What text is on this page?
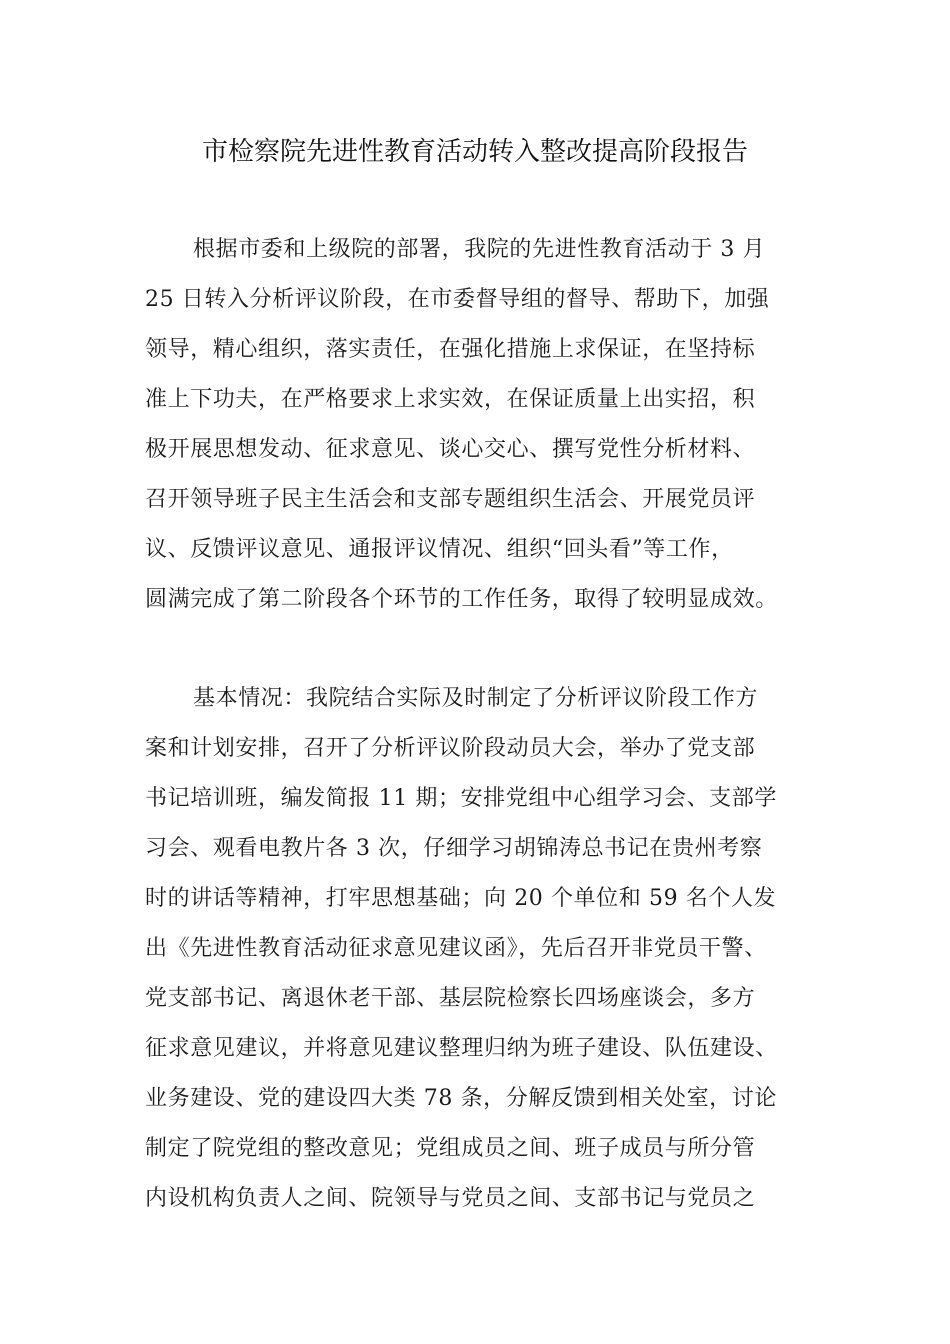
市检察院先进性教育活动转入整改提高阶段报告
根据市委和上级院的部署，我院的先进性教育活动于 3 月
25 日转入分析评议阶段，在市委督导组的督导、帮助下，加强
领导，精心组织，落实责任，在强化措施上求保证，在坚持标
准上下功夫，在严格要求上求实效，在保证质量上出实招，积
极开展思想发动、征求意见、谈心交心、撰写党性分析材料、
召开领导班子民主生活会和支部专题组织生活会、开展党员评
议、反馈评议意见、通报评议情况、组织“回头看”等工作，
圆满完成了第二阶段各个环节的工作任务，取得了较明显成效。
基本情况：我院结合实际及时制定了分析评议阶段工作方
案和计划安排，召开了分析评议阶段动员大会，举办了党支部
书记培训班，编发简报 11 期；安排党组中心组学习会、支部学
习会、观看电教片各 3 次，仔细学习胡锦涛总书记在贵州考察
时的讲话等精神，打牢思想基础；向 20 个单位和 59 名个人发
出《先进性教育活动征求意见建议函》，先后召开非党员干警、
党支部书记、离退休老干部、基层院检察长四场座谈会，多方
征求意见建议，并将意见建议整理归纳为班子建设、队伍建设、
业务建设、党的建设四大类 78 条，分解反馈到相关处室，讨论
制定了院党组的整改意见；党组成员之间、班子成员与所分管
内设机构负责人之间、院领导与党员之间、支部书记与党员之
